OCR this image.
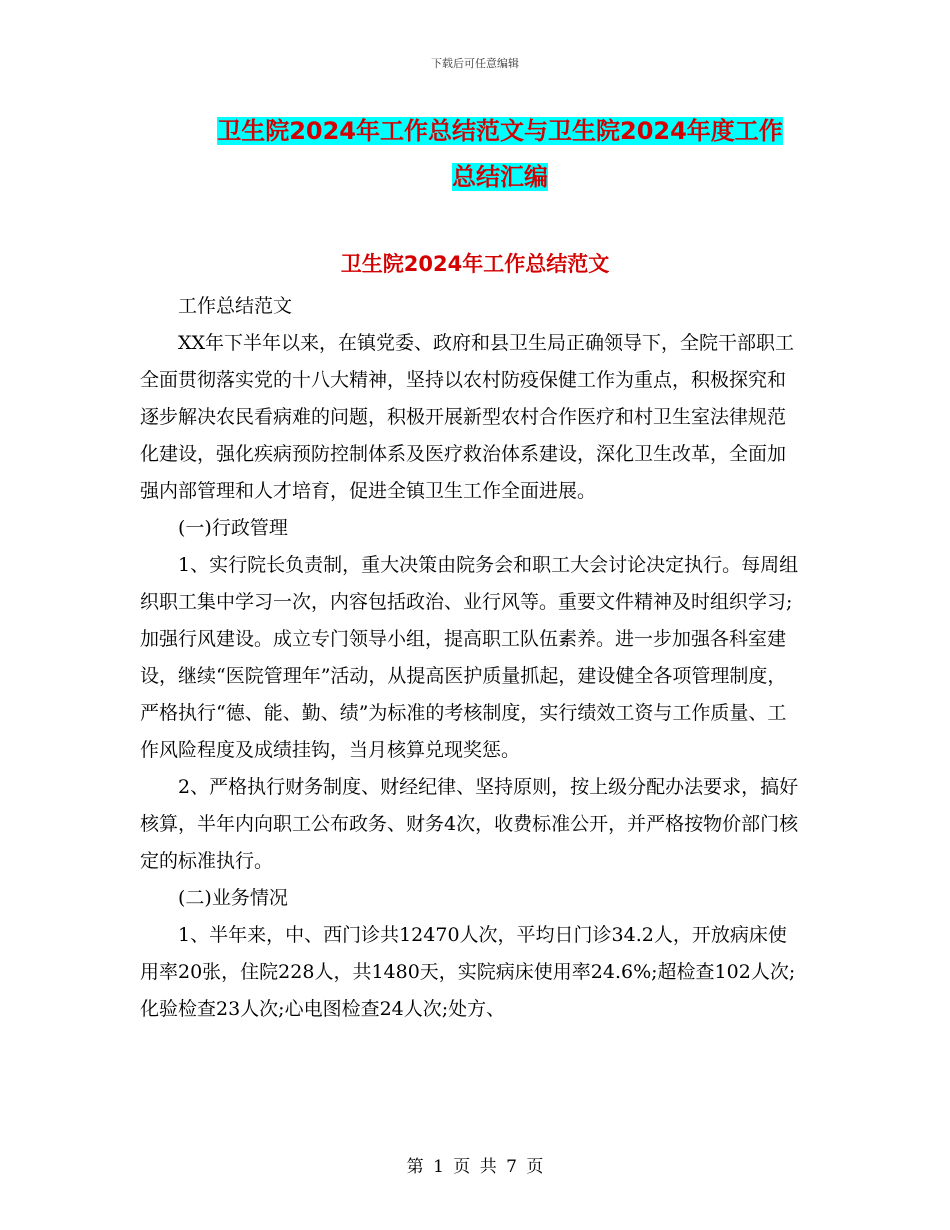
下载后可任意编辑
卫生院2024年工作总结范文与卫生院2024年度工作
总结汇编
卫生院2024年工作总结范文

工作总结范文

XX年下半年以来，在镇党委、政府和县卫生局正确领导下，全院干部职工全面贯彻落实党的十八大精神，坚持以农村防疫保健工作为重点，积极探究和逐步解决农民看病难的问题，积极开展新型农村合作医疗和村卫生室法律规范化建设，强化疾病预防控制体系及医疗救治体系建设，深化卫生改革，全面加强内部管理和人才培育，促进全镇卫生工作全面进展。

(一)行政管理

1、实行院长负责制，重大决策由院务会和职工大会讨论决定执行。每周组织职工集中学习一次，内容包括政治、业行风等。重要文件精神及时组织学习;加强行风建设。成立专门领导小组，提高职工队伍素养。进一步加强各科室建设，继续“医院管理年”活动，从提高医护质量抓起，建设健全各项管理制度，严格执行“德、能、勤、绩”为标准的考核制度，实行绩效工资与工作质量、工作风险程度及成绩挂钩，当月核算兑现奖惩。

2、严格执行财务制度、财经纪律、坚持原则，按上级分配办法要求，搞好核算，半年内向职工公布政务、财务4次，收费标准公开，并严格按物价部门核定的标准执行。

(二)业务情况

1、半年来，中、西门诊共12470人次，平均日门诊34.2人，开放病床使用率20张，住院228人，共1480天，实院病床使用率24.6%;超检查102人次;化验检查23人次;心电图检查24人次;处方、

第 1 页 共 7 页
